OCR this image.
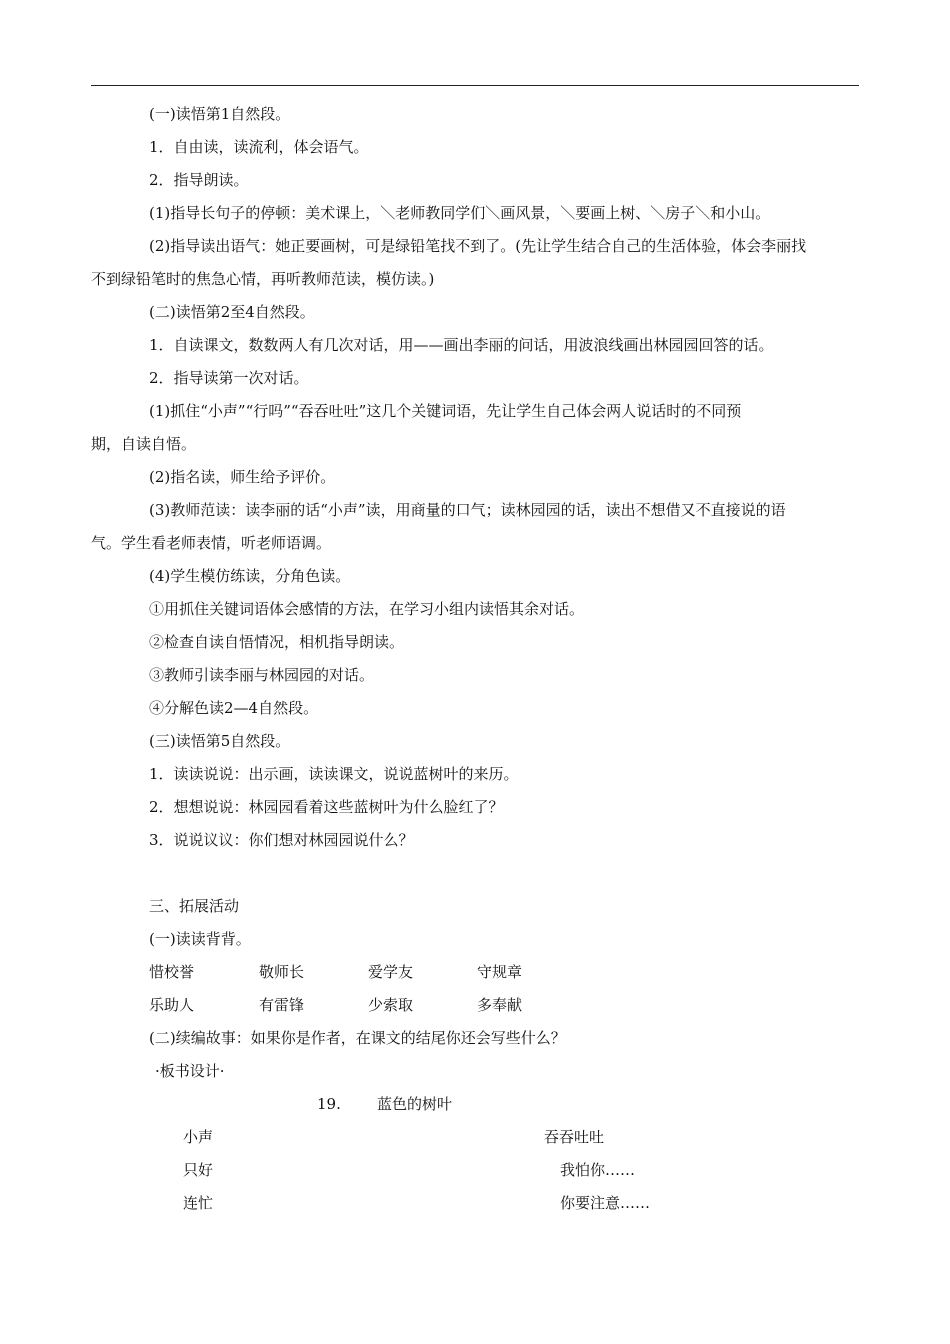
(一)读悟第1自然段。
1．自由读，读流利，体会语气。
2．指导朗读。
(1)指导长句子的停顿：美术课上，＼老师教同学们＼画风景，＼要画上树、＼房子＼和小山。
(2)指导读出语气：她正要画树，可是绿铅笔找不到了。(先让学生结合自己的生活体验，体会李丽找
不到绿铅笔时的焦急心情，再听教师范读，模仿读。)
(二)读悟第2至4自然段。
1．自读课文，数数两人有几次对话，用——画出李丽的问话，用波浪线画出林园园回答的话。
2．指导读第一次对话。
(1)抓住“小声”“行吗”“吞吞吐吐”这几个关键词语，先让学生自己体会两人说话时的不同预
期，自读自悟。
(2)指名读，师生给予评价。
(3)教师范读：读李丽的话“小声”读，用商量的口气；读林园园的话，读出不想借又不直接说的语
气。学生看老师表情，听老师语调。
(4)学生模仿练读，分角色读。
①用抓住关键词语体会感情的方法，在学习小组内读悟其余对话。
②检查自读自悟情况，相机指导朗读。
③教师引读李丽与林园园的对话。
④分解色读2—4自然段。
(三)读悟第5自然段。
1．读读说说：出示画，读读课文，说说蓝树叶的来历。
2．想想说说：林园园看着这些蓝树叶为什么脸红了？
3．说说议议：你们想对林园园说什么？
三、拓展活动
(一)读读背背。
惜校誉	敬师长	爱学友	守规章
乐助人	有雷锋	少索取	多奉献
(二)续编故事：如果你是作者，在课文的结尾你还会写些什么？
·板书设计·
19. 蓝色的树叶
小声	吞吞吐吐
只好	我怕你……
连忙	你要注意……
